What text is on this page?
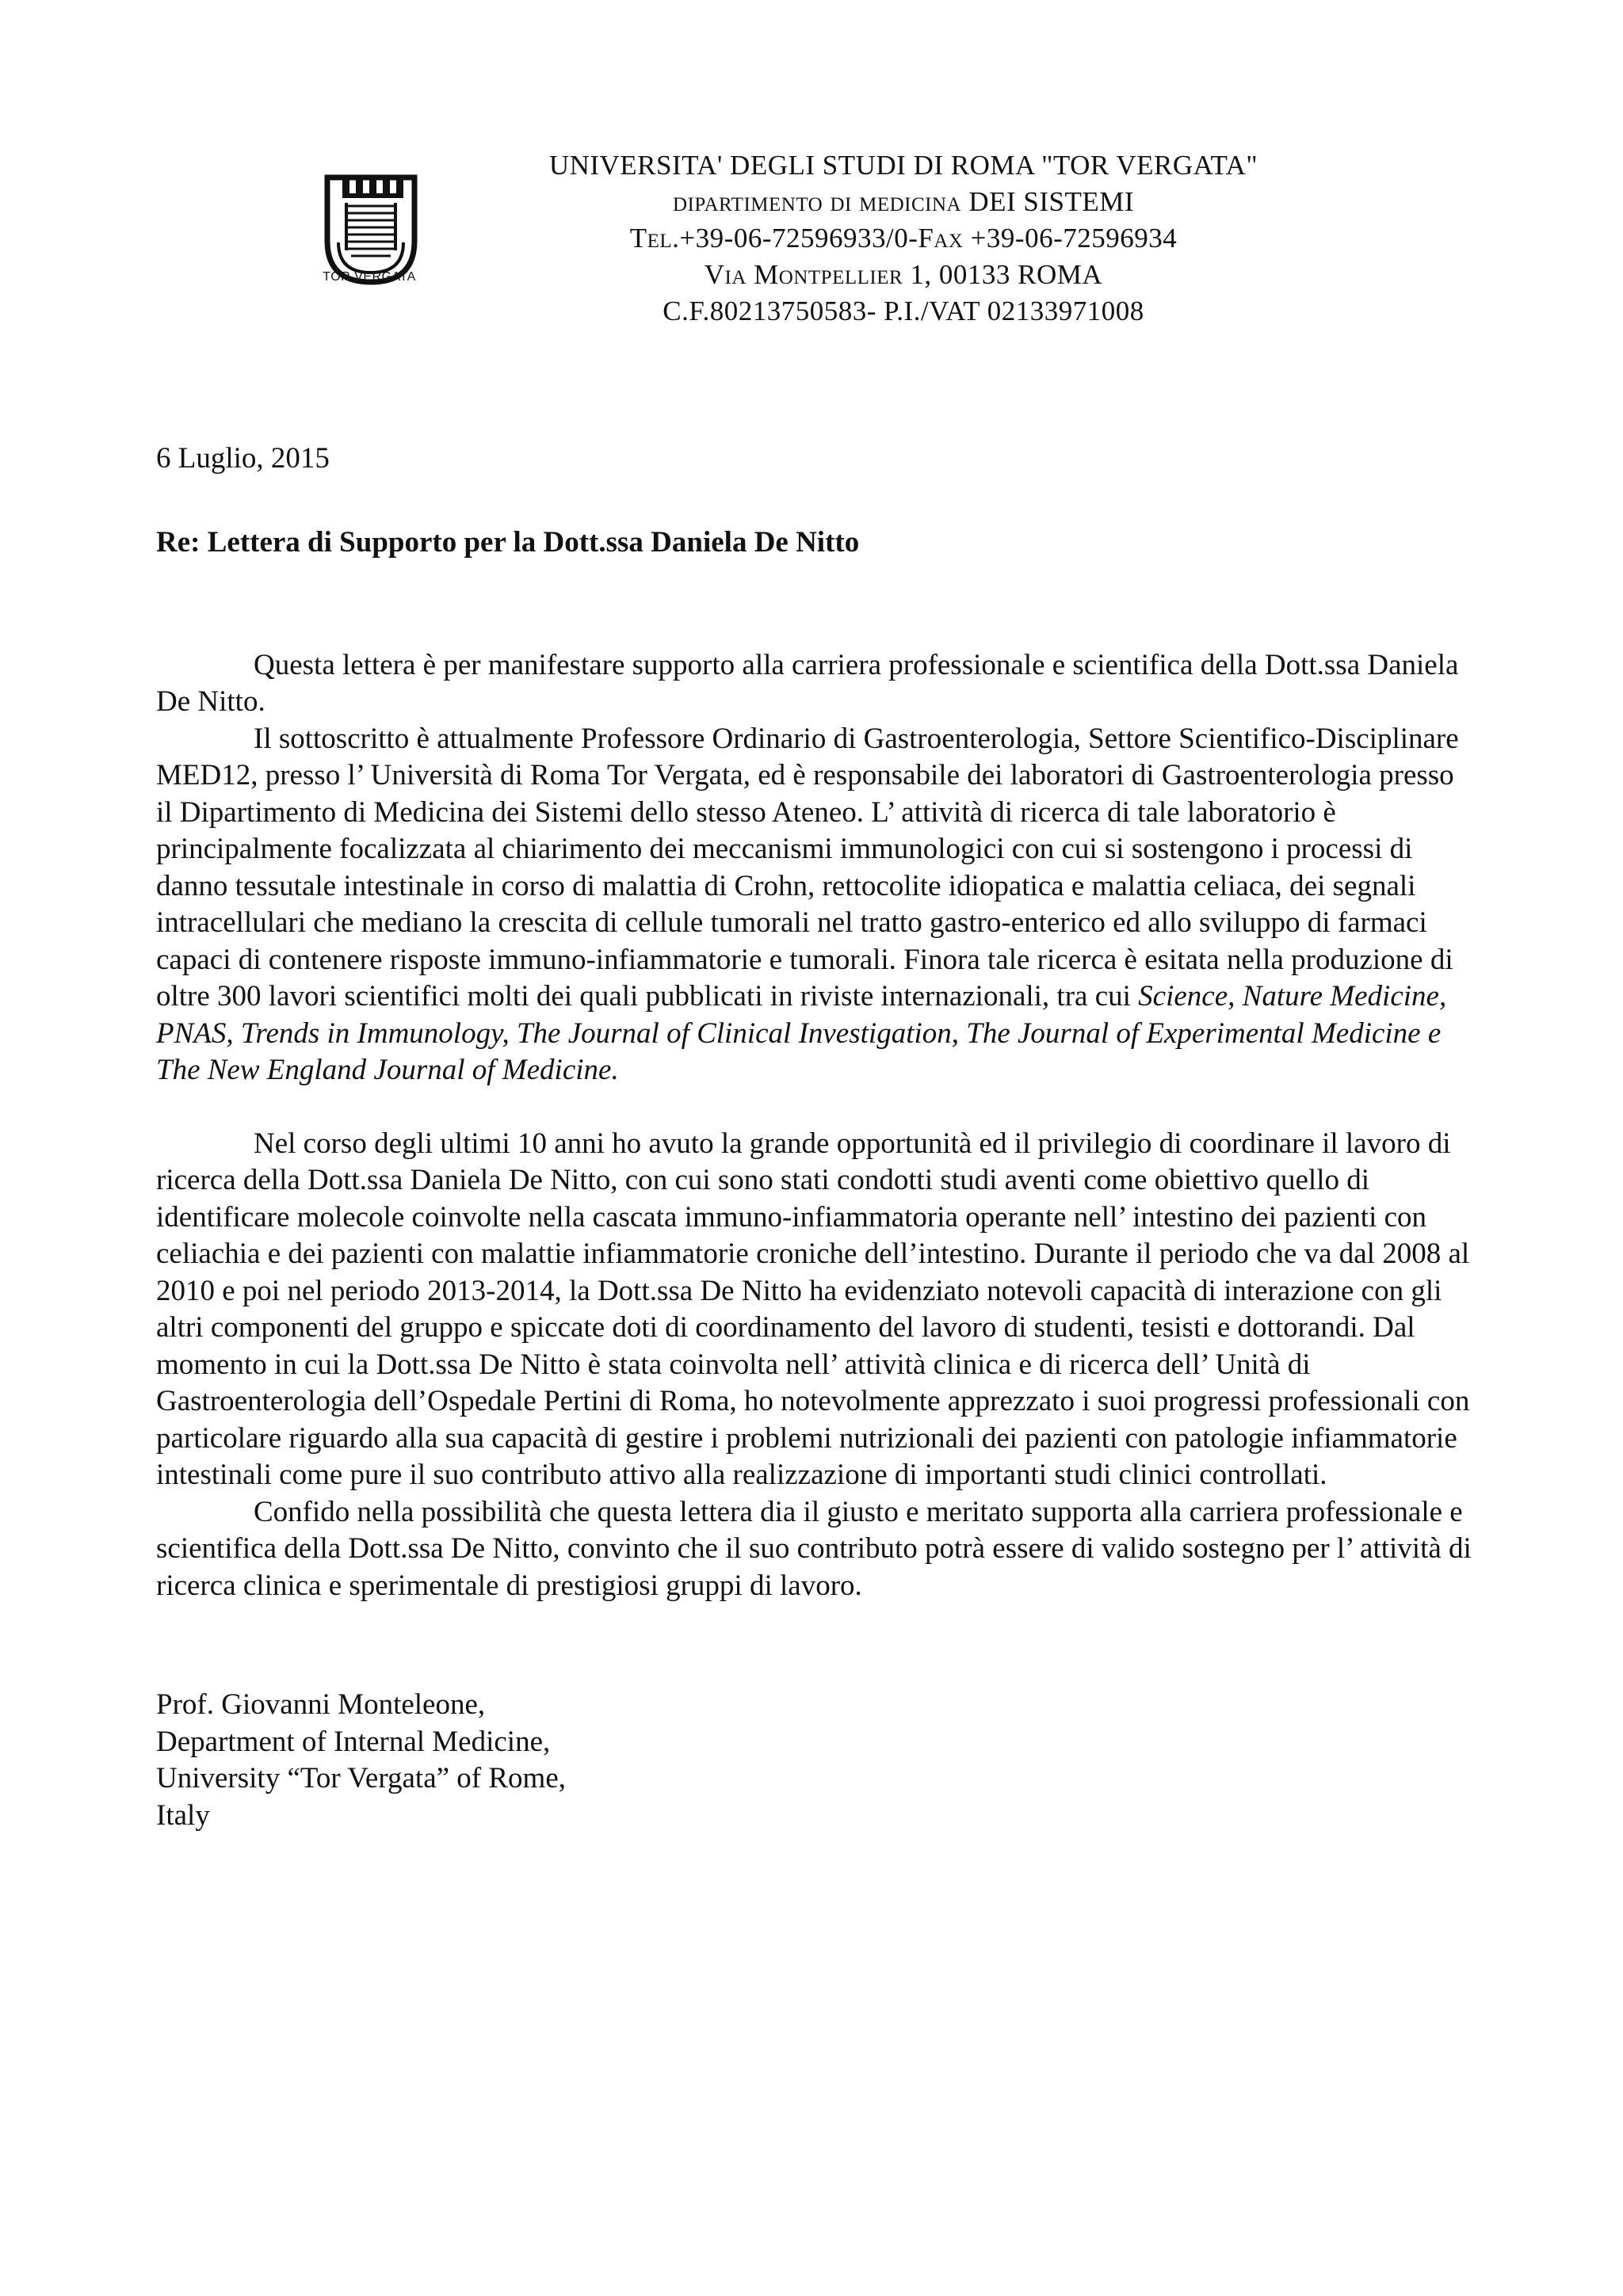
TOR VERGATA
UNIVERSITA' DEGLI STUDI DI ROMA "TOR VERGATA"
dipartimento di medicina DEI SISTEMI
Tel.+39-06-72596933/0-Fax +39-06-72596934
Via Montpellier 1, 00133 ROMA
C.F.80213750583- P.I./VAT 02133971008

6 Luglio, 2015

Re: Lettera di Supporto per la Dott.ssa Daniela De Nitto

Questa lettera è per manifestare supporto alla carriera professionale e scientifica della Dott.ssa Daniela De Nitto.

Il sottoscritto è attualmente Professore Ordinario di Gastroenterologia, Settore Scientifico-Disciplinare MED12, presso l’ Università di Roma Tor Vergata, ed è responsabile dei laboratori di Gastroenterologia presso il Dipartimento di Medicina dei Sistemi dello stesso Ateneo. L’ attività di ricerca di tale laboratorio è principalmente focalizzata al chiarimento dei meccanismi immunologici con cui si sostengono i processi di danno tessutale intestinale in corso di malattia di Crohn, rettocolite idiopatica e malattia celiaca, dei segnali intracellulari che mediano la crescita di cellule tumorali nel tratto gastro-enterico ed allo sviluppo di farmaci capaci di contenere risposte immuno-infiammatorie e tumorali. Finora tale ricerca è esitata nella produzione di oltre 300 lavori scientifici molti dei quali pubblicati in riviste internazionali, tra cui Science, Nature Medicine, PNAS, Trends in Immunology, The Journal of Clinical Investigation, The Journal of Experimental Medicine e The New England Journal of Medicine.

Nel corso degli ultimi 10 anni ho avuto la grande opportunità ed il privilegio di coordinare il lavoro di ricerca della Dott.ssa Daniela De Nitto, con cui sono stati condotti studi aventi come obiettivo quello di identificare molecole coinvolte nella cascata immuno-infiammatoria operante nell’ intestino dei pazienti con celiachia e dei pazienti con malattie infiammatorie croniche dell’intestino. Durante il periodo che va dal 2008 al 2010 e poi nel periodo 2013-2014, la Dott.ssa De Nitto ha evidenziato notevoli capacità di interazione con gli altri componenti del gruppo e spiccate doti di coordinamento del lavoro di studenti, tesisti e dottorandi. Dal momento in cui la Dott.ssa De Nitto è stata coinvolta nell’ attività clinica e di ricerca dell’ Unità di Gastroenterologia dell’Ospedale Pertini di Roma, ho notevolmente apprezzato i suoi progressi professionali con particolare riguardo alla sua capacità di gestire i problemi nutrizionali dei pazienti con patologie infiammatorie intestinali come pure il suo contributo attivo alla realizzazione di importanti studi clinici controllati.

Confido nella possibilità che questa lettera dia il giusto e meritato supporta alla carriera professionale e scientifica della Dott.ssa De Nitto, convinto che il suo contributo potrà essere di valido sostegno per l’ attività di ricerca clinica e sperimentale di prestigiosi gruppi di lavoro.

Prof. Giovanni Monteleone,

Department of Internal Medicine,

University “Tor Vergata” of Rome,

Italy
